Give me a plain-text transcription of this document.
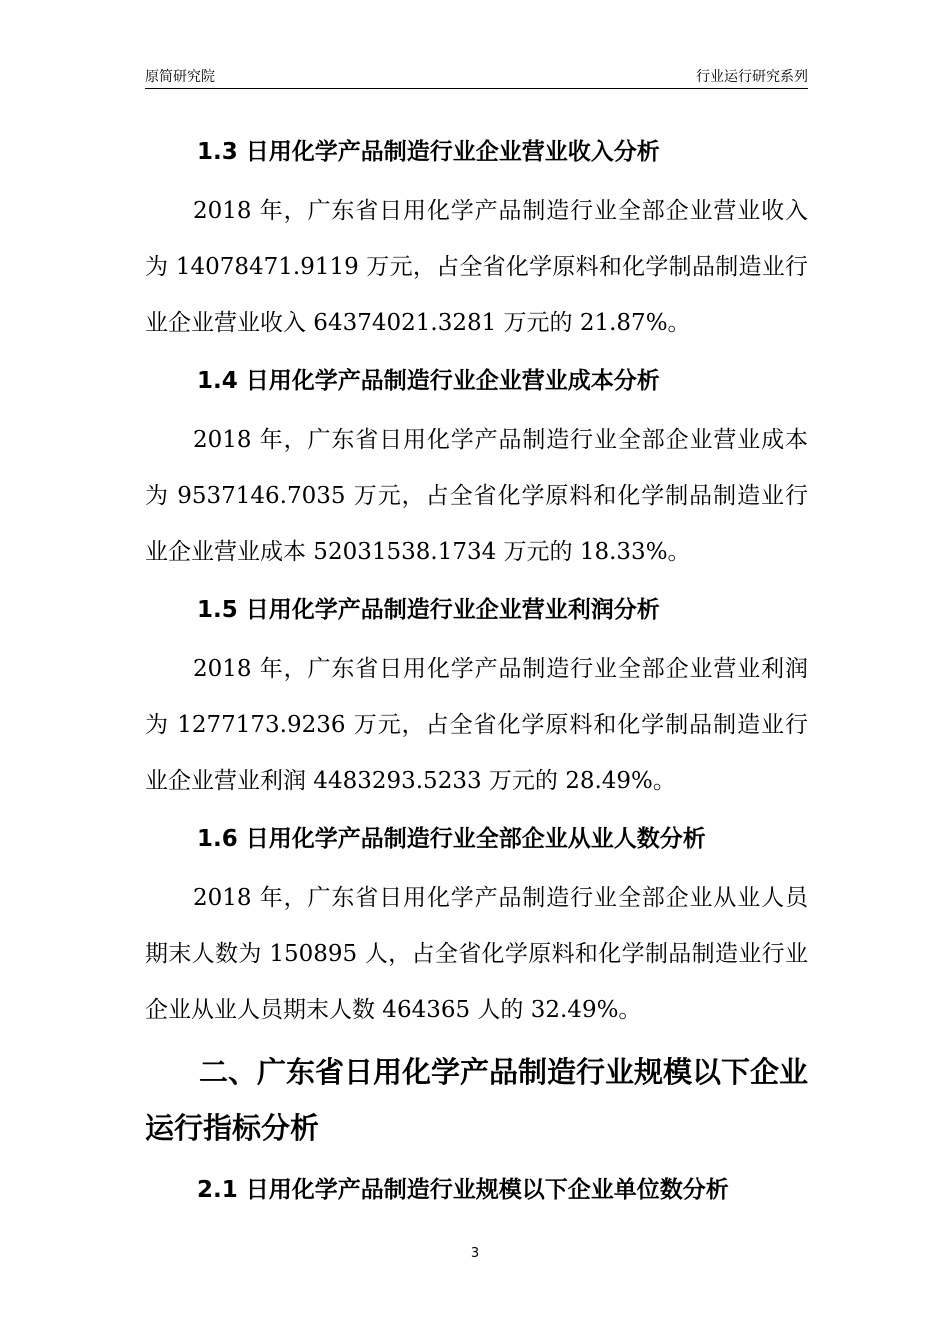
原简研究院	行业运行研究系列
1.3 日用化学产品制造行业企业营业收入分析
2018 年，广东省日用化学产品制造行业全部企业营业收入为 14078471.9119 万元，占全省化学原料和化学制品制造业行业企业营业收入 64374021.3281 万元的 21.87%。
1.4 日用化学产品制造行业企业营业成本分析
2018 年，广东省日用化学产品制造行业全部企业营业成本为 9537146.7035 万元，占全省化学原料和化学制品制造业行业企业营业成本 52031538.1734 万元的 18.33%。
1.5 日用化学产品制造行业企业营业利润分析
2018 年，广东省日用化学产品制造行业全部企业营业利润为 1277173.9236 万元，占全省化学原料和化学制品制造业行业企业营业利润 4483293.5233 万元的 28.49%。
1.6 日用化学产品制造行业全部企业从业人数分析
2018 年，广东省日用化学产品制造行业全部企业从业人员期末人数为 150895 人，占全省化学原料和化学制品制造业行业企业从业人员期末人数 464365 人的 32.49%。
二、广东省日用化学产品制造行业规模以下企业运行指标分析
2.1 日用化学产品制造行业规模以下企业单位数分析
3
